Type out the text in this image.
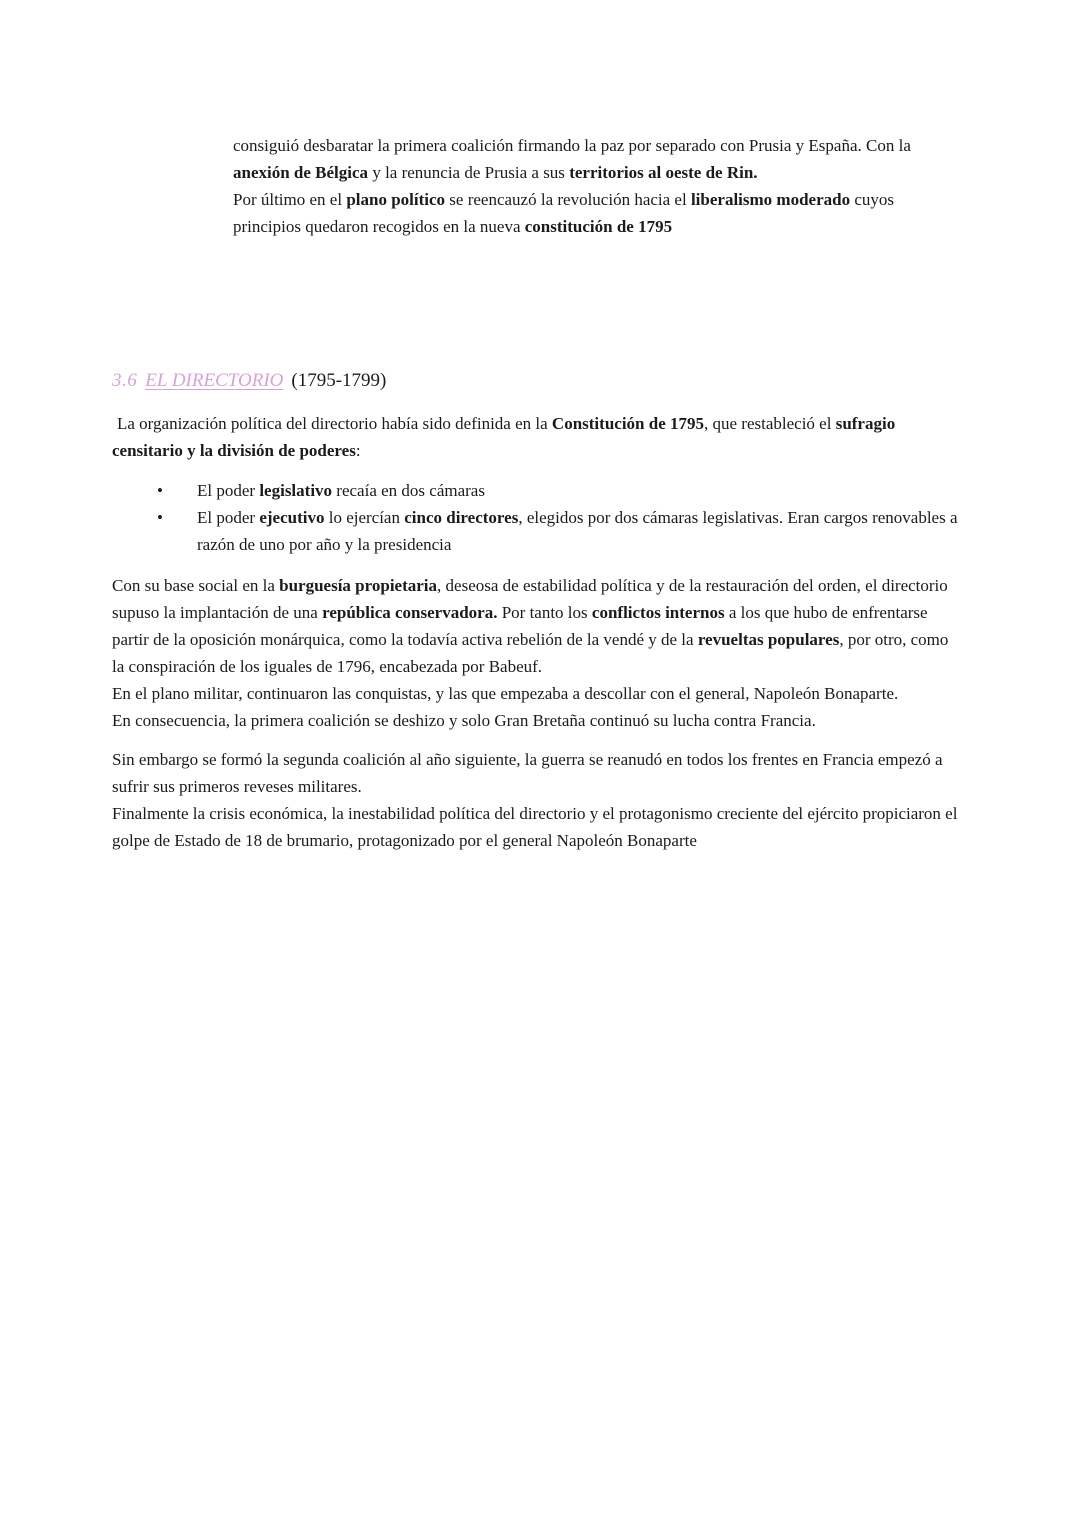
consiguió desbaratar la primera coalición firmando la paz por separado con Prusia y España. Con la anexión de Bélgica y la renuncia de Prusia a sus territorios al oeste de Rin.

Por último en el plano político se reencauzó la revolución hacia el liberalismo moderado cuyos principios quedaron recogidos en la nueva constitución de 1795

3.6 EL DIRECTORIO (1795-1799)

La organización política del directorio había sido definida en la Constitución de 1795, que restableció el sufragio censitario y la división de poderes:

• El poder legislativo recaía en dos cámaras
• El poder ejecutivo lo ejercían cinco directores, elegidos por dos cámaras legislativas. Eran cargos renovables a razón de uno por año y la presidencia

Con su base social en la burguesía propietaria, deseosa de estabilidad política y de la restauración del orden, el directorio supuso la implantación de una república conservadora. Por tanto los conflictos internos a los que hubo de enfrentarse partir de la oposición monárquica, como la todavía activa rebelión de la vendé y de la revueltas populares, por otro, como la conspiración de los iguales de 1796, encabezada por Babeuf.

En el plano militar, continuaron las conquistas, y las que empezaba a descollar con el general, Napoleón Bonaparte.

En consecuencia, la primera coalición se deshizo y solo Gran Bretaña continuó su lucha contra Francia.

Sin embargo se formó la segunda coalición al año siguiente, la guerra se reanudó en todos los frentes en Francia empezó a sufrir sus primeros reveses militares.

Finalmente la crisis económica, la inestabilidad política del directorio y el protagonismo creciente del ejército propiciaron el golpe de Estado de 18 de brumario, protagonizado por el general Napoleón Bonaparte
